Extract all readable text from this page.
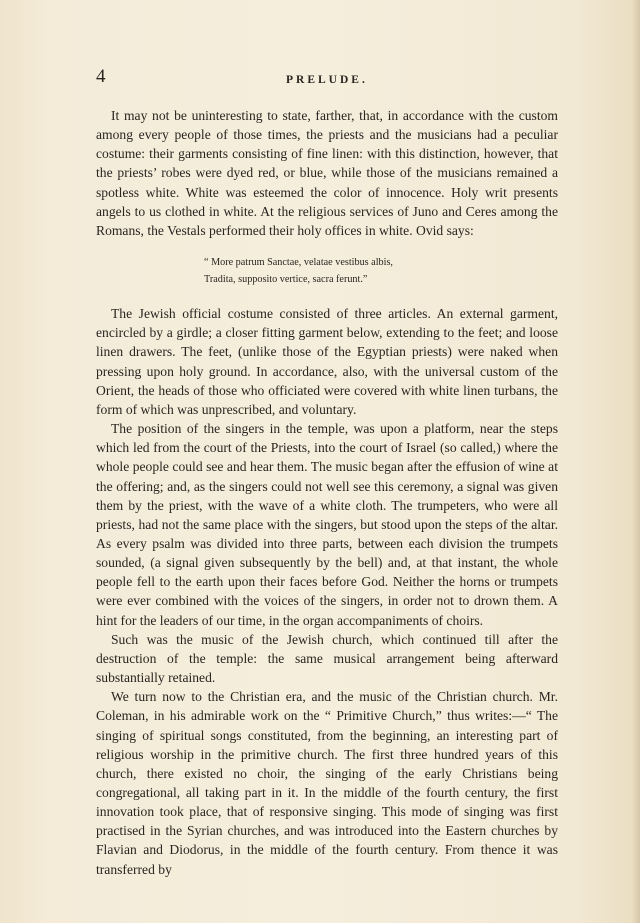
4	PRELUDE.

It may not be uninteresting to state, farther, that, in accordance with the custom among every people of those times, the priests and the musicians had a peculiar costume: their garments consisting of fine linen: with this distinction, however, that the priests’ robes were dyed red, or blue, while those of the musicians remained a spotless white. White was esteemed the color of innocence. Holy writ presents angels to us clothed in white. At the religious services of Juno and Ceres among the Romans, the Vestals performed their holy offices in white. Ovid says:

“ More patrum Sanctae, velatae vestibus albis,
Tradita, supposito vertice, sacra ferunt.”

The Jewish official costume consisted of three articles. An external garment, encircled by a girdle; a closer fitting garment below, extending to the feet; and loose linen drawers. The feet, (unlike those of the Egyptian priests) were naked when pressing upon holy ground. In accordance, also, with the universal custom of the Orient, the heads of those who officiated were covered with white linen turbans, the form of which was unprescribed, and voluntary.

The position of the singers in the temple, was upon a platform, near the steps which led from the court of the Priests, into the court of Israel (so called,) where the whole people could see and hear them. The music began after the effusion of wine at the offering; and, as the singers could not well see this ceremony, a signal was given them by the priest, with the wave of a white cloth. The trumpeters, who were all priests, had not the same place with the singers, but stood upon the steps of the altar. As every psalm was divided into three parts, between each division the trumpets sounded, (a signal given subsequently by the bell) and, at that instant, the whole people fell to the earth upon their faces before God. Neither the horns or trumpets were ever combined with the voices of the singers, in order not to drown them. A hint for the leaders of our time, in the organ accompaniments of choirs.

Such was the music of the Jewish church, which continued till after the destruction of the temple: the same musical arrangement being afterward substantially retained.

We turn now to the Christian era, and the music of the Christian church. Mr. Coleman, in his admirable work on the “ Primitive Church,” thus writes:—“ The singing of spiritual songs constituted, from the beginning, an interesting part of religious worship in the primitive church. The first three hundred years of this church, there existed no choir, the singing of the early Christians being congregational, all taking part in it. In the middle of the fourth century, the first innovation took place, that of responsive singing. This mode of singing was first practised in the Syrian churches, and was introduced into the Eastern churches by Flavian and Diodorus, in the middle of the fourth century. From thence it was transferred by
